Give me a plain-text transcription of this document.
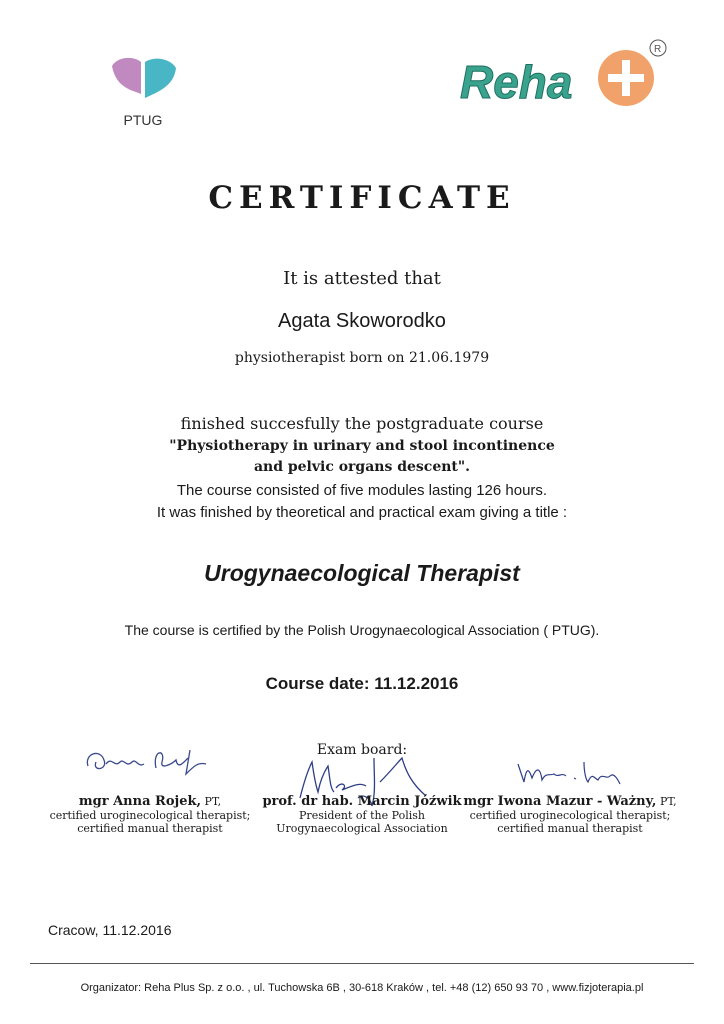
PTUG
Reha
R
CERTIFICATE
It is attested that
Agata Skoworodko
physiotherapist born on 21.06.1979
finished succesfully the postgraduate course
"Physiotherapy in urinary and stool incontinence
and pelvic organs descent".
The course consisted of five modules lasting 126 hours.
It was finished by theoretical and practical exam giving a title :
Urogynaecological Therapist
The course is certified by the Polish Urogynaecological Association ( PTUG).
Course date: 11.12.2016
Exam board:
mgr Anna Rojek, PT,
certified uroginecological therapist;
certified manual therapist
prof. dr hab. Marcin Jóźwik
President of the Polish
Urogynaecological Association
mgr Iwona Mazur - Ważny, PT,
certified uroginecological therapist;
certified manual therapist
Cracow, 11.12.2016
Organizator: Reha Plus Sp. z o.o. , ul. Tuchowska 6B , 30-618 Kraków , tel. +48 (12) 650 93 70 , www.fizjoterapia.pl
